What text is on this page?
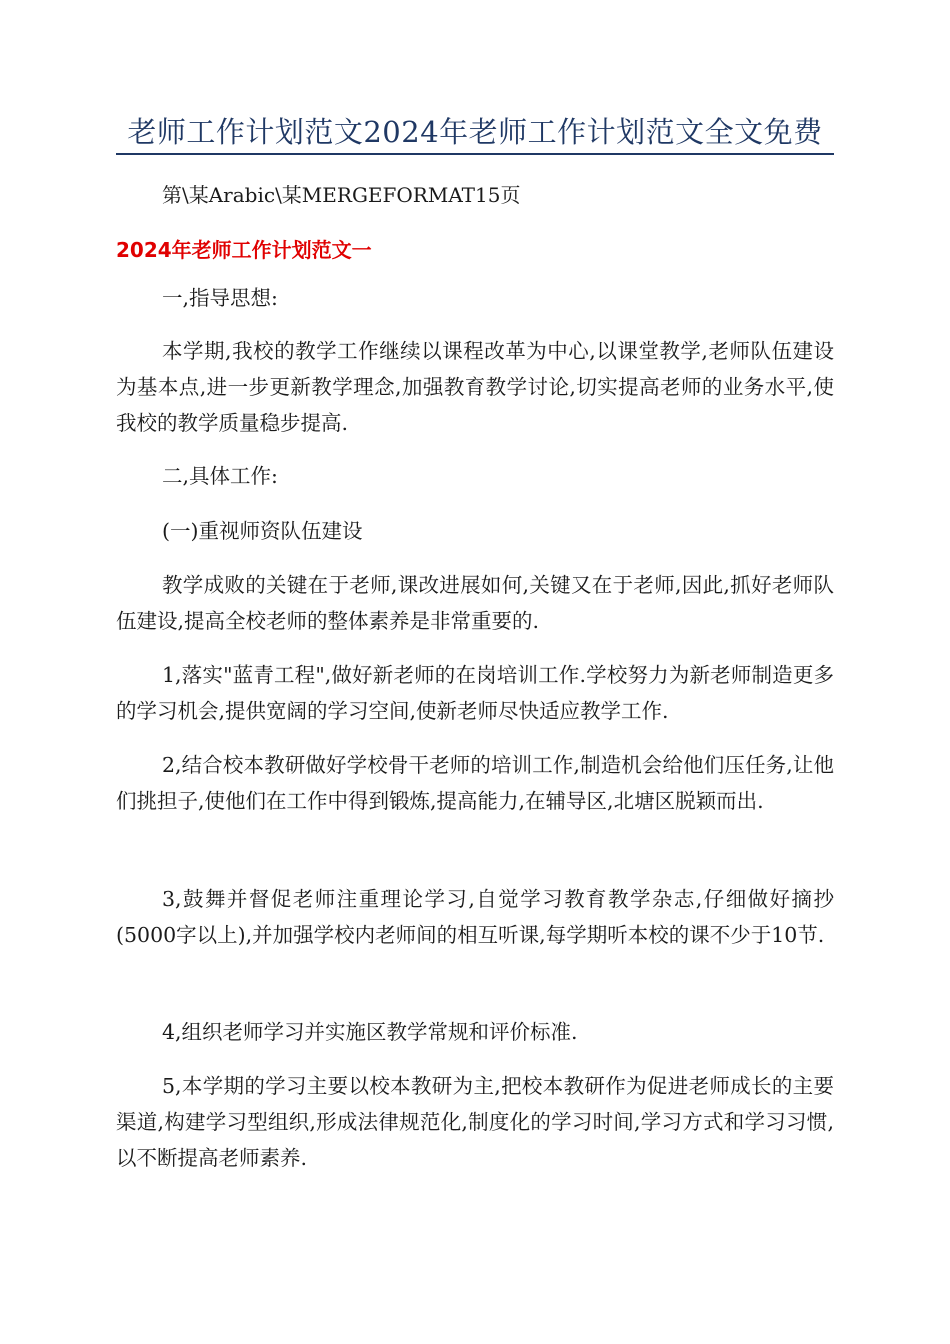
老师工作计划范文2024年老师工作计划范文全文免费
第\某Arabic\某MERGEFORMAT15页
2024年老师工作计划范文一

一,指导思想:

本学期,我校的教学工作继续以课程改革为中心,以课堂教学,老师队伍建设为基本点,进一步更新教学理念,加强教育教学讨论,切实提高老师的业务水平,使我校的教学质量稳步提高.

二,具体工作:

(一)重视师资队伍建设

教学成败的关键在于老师,课改进展如何,关键又在于老师,因此,抓好老师队伍建设,提高全校老师的整体素养是非常重要的.

1,落实"蓝青工程",做好新老师的在岗培训工作.学校努力为新老师制造更多的学习机会,提供宽阔的学习空间,使新老师尽快适应教学工作.

2,结合校本教研做好学校骨干老师的培训工作,制造机会给他们压任务,让他们挑担子,使他们在工作中得到锻炼,提高能力,在辅导区,北塘区脱颖而出.

3,鼓舞并督促老师注重理论学习,自觉学习教育教学杂志,仔细做好摘抄(5000字以上),并加强学校内老师间的相互听课,每学期听本校的课不少于10节.

4,组织老师学习并实施区教学常规和评价标准.

5,本学期的学习主要以校本教研为主,把校本教研作为促进老师成长的主要渠道,构建学习型组织,形成法律规范化,制度化的学习时间,学习方式和学习习惯,以不断提高老师素养.
